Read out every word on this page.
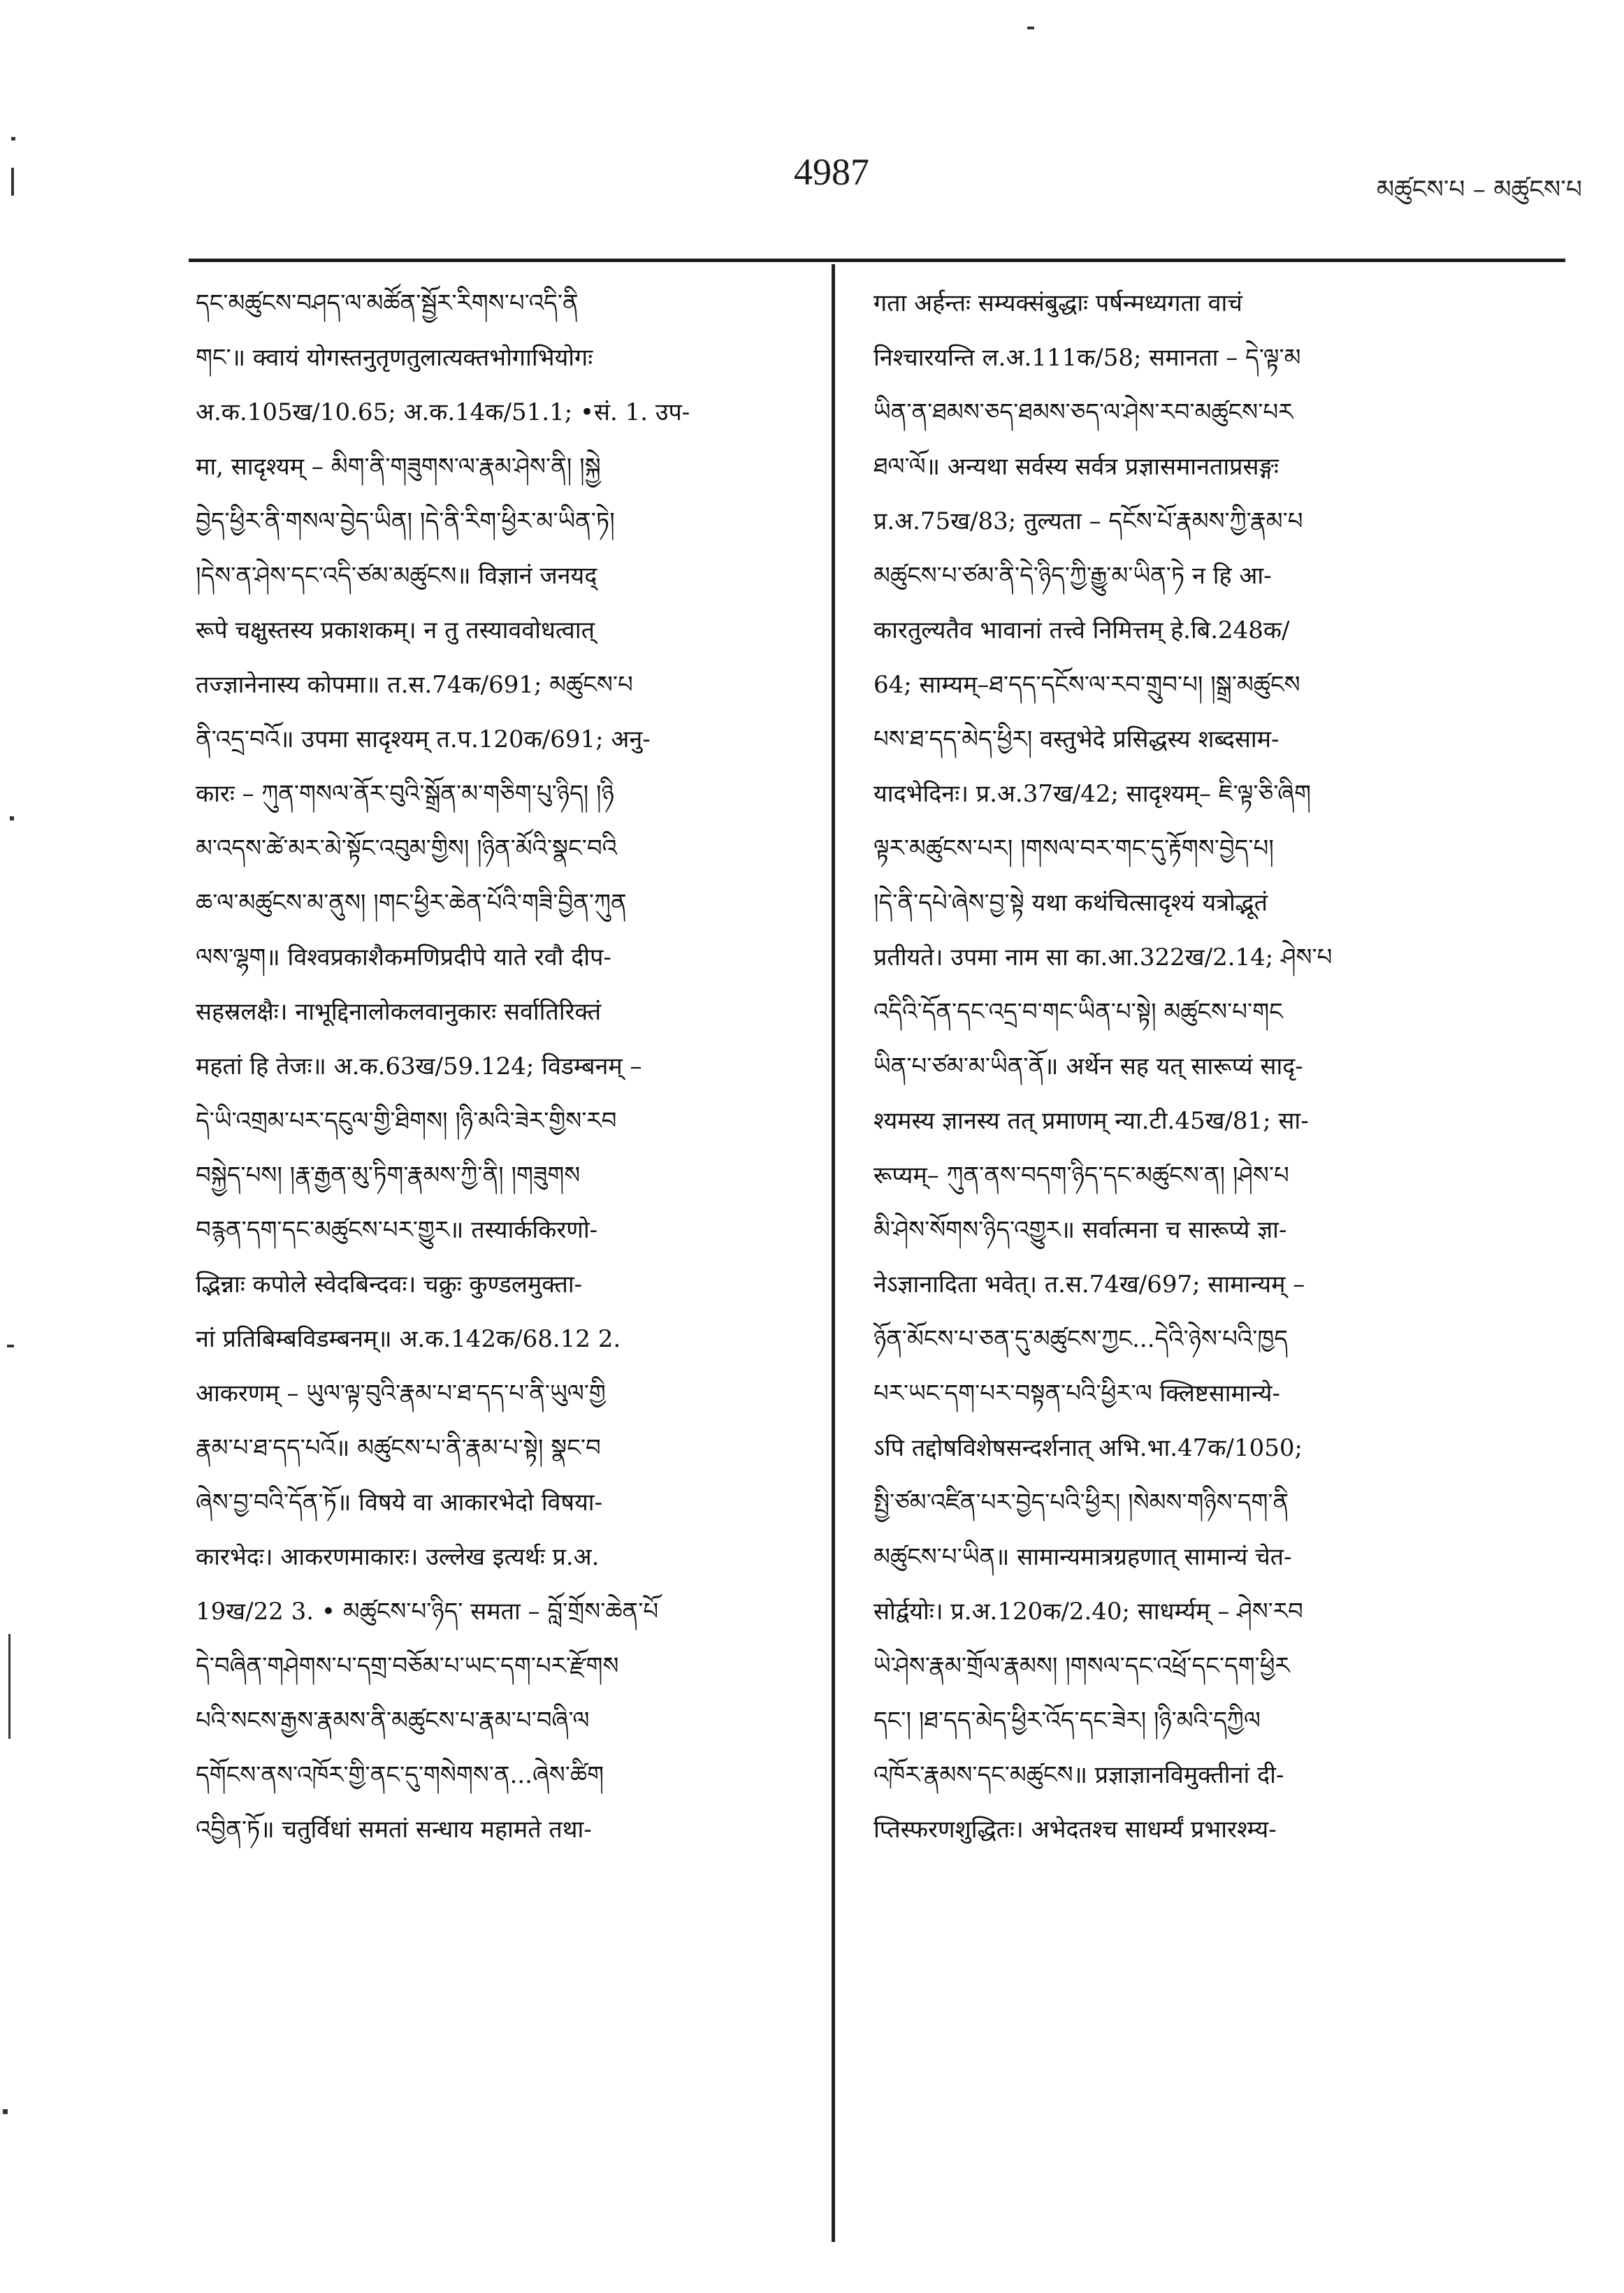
4987	མཚུངས་པ – མཚུངས་པ
དང་མཚུངས་བཤད་ལ་མཚོན་སྦྱོར་རིགས་པ་འདི་ནི
གང་॥ क्वायं योगस्तनुतृणतुलात्यक्तभोगाभियोगः
अ.क.105ख/10.65; अ.क.14क/51.1; •सं. 1. उप-
मा, सादृश्यम् – མིག་ནི་གཟུགས་ལ་རྣམ་ཤེས་ནི། །སྐྱེ
བྱེད་ཕྱིར་ནི་གསལ་བྱེད་ཡིན། །དེ་ནི་རིག་ཕྱིར་མ་ཡིན་ཏེ།
།དེས་ན་ཤེས་དང་འདི་ཙམ་མཚུངས॥ विज्ञानं जनयद्
रूपे चक्षुस्तस्य प्रकाशकम्। न तु तस्याववोधत्वात्
तज्ज्ञानेनास्य कोपमा॥ त.स.74क/691; མཚུངས་པ
ནི་འདྲ་བའོ॥ उपमा सादृश्यम् त.प.120क/691; अनु-
कारः – ཀུན་གསལ་ནོར་བུའི་སྒྲོན་མ་གཅིག་པུ་ཉིད། །ཉི
མ་འདས་ཚེ་མར་མེ་སྟོང་འབུམ་གྱིས། །ཉིན་མོའི་སྣང་བའི
ཆ་ལ་མཚུངས་མ་ནུས། །གང་ཕྱིར་ཆེན་པོའི་གཟི་བྱིན་ཀུན
ལས་ལྷག॥ विश्वप्रकाशैकमणिप्रदीपे याते रवौ दीप-
सहस्रलक्षैः। नाभूद्दिनालोकलवानुकारः सर्वातिरिक्तं
महतां हि तेजः॥ अ.क.63ख/59.124; विडम्बनम् –
དེ་ཡི་འགྲམ་པར་དངུལ་གྱི་ཐིགས། །ཉི་མའི་ཟེར་གྱིས་རབ
བསྐྱེད་པས། །རྣ་རྒྱན་མུ་ཏིག་རྣམས་ཀྱི་ནི། །གཟུགས
བརྙན་དག་དང་མཚུངས་པར་གྱུར॥ तस्यार्ककिरणो-
द्भिन्नाः कपोले स्वेदबिन्दवः। चक्रुः कुण्डलमुक्ता-
नां प्रतिबिम्बविडम्बनम्॥ अ.क.142क/68.12 2.
आकरणम् – ཡུལ་ལྟ་བུའི་རྣམ་པ་ཐ་དད་པ་ནི་ཡུལ་གྱི
རྣམ་པ་ཐ་དད་པའོ॥ མཚུངས་པ་ནི་རྣམ་པ་སྟེ། སྣང་བ
ཞེས་བྱ་བའི་དོན་ཏོ॥ विषये वा आकारभेदो विषया-
कारभेदः। आकरणमाकारः। उल्लेख इत्यर्थः प्र.अ.
19ख/22 3. • མཚུངས་པ་ཉིད་ समता – བློ་གྲོས་ཆེན་པོ
དེ་བཞིན་གཤེགས་པ་དགྲ་བཅོམ་པ་ཡང་དག་པར་རྫོགས
པའི་སངས་རྒྱས་རྣམས་ནི་མཚུངས་པ་རྣམ་པ་བཞི་ལ
དགོངས་ནས་འཁོར་གྱི་ནང་དུ་གསེགས་ན...ཞེས་ཚིག
འབྱིན་ཏོ॥ चतुर्विधां समतां सन्धाय महामते तथा-
गता अर्हन्तः सम्यक्संबुद्धाः पर्षन्मध्यगता वाचं
निश्चारयन्ति ल.अ.111क/58; समानता – དེ་ལྟ་མ
ཡིན་ན་ཐམས་ཅད་ཐམས་ཅད་ལ་ཤེས་རབ་མཚུངས་པར
ཐལ་ལོ॥ अन्यथा सर्वस्य सर्वत्र प्रज्ञासमानताप्रसङ्गः
प्र.अ.75ख/83; तुल्यता – དངོས་པོ་རྣམས་ཀྱི་རྣམ་པ
མཚུངས་པ་ཙམ་ནི་དེ་ཉིད་ཀྱི་རྒྱུ་མ་ཡིན་ཏེ न हि आ-
कारतुल्यतैव भावानां तत्त्वे निमित्तम् हे.बि.248क/
64; साम्यम्–ཐ་དད་དངོས་ལ་རབ་གྲུབ་པ། །སྒྲ་མཚུངས
པས་ཐ་དད་མེད་ཕྱིར། वस्तुभेदे प्रसिद्धस्य शब्दसाम-
यादभेदिनः। प्र.अ.37ख/42; सादृश्यम्– ཇི་ལྟ་ཅི་ཞིག
ལྟར་མཚུངས་པར། །གསལ་བར་གང་དུ་རྟོགས་བྱེད་པ།
།དེ་ནི་དཔེ་ཞེས་བྱ་སྟེ यथा कथंचित्सादृश्यं यत्रोद्भूतं
प्रतीयते। उपमा नाम सा का.आ.322ख/2.14; ཤེས་པ
འདིའི་དོན་དང་འདྲ་བ་གང་ཡིན་པ་སྟེ། མཚུངས་པ་གང
ཡིན་པ་ཙམ་མ་ཡིན་ནོ॥ अर्थेन सह यत् सारूप्यं सादृ-
श्यमस्य ज्ञानस्य तत् प्रमाणम् न्या.टी.45ख/81; सा-
रूप्यम्– ཀུན་ནས་བདག་ཉིད་དང་མཚུངས་ན། །ཤེས་པ
མི་ཤེས་སོགས་ཉིད་འགྱུར॥ सर्वात्मना च सारूप्ये ज्ञा-
नेऽज्ञानादिता भवेत्। त.स.74ख/697; सामान्यम् –
ཉོན་མོངས་པ་ཅན་དུ་མཚུངས་ཀྱང...དེའི་ཉེས་པའི་ཁྱད
པར་ཡང་དག་པར་བསྟན་པའི་ཕྱིར་ལ क्लिष्टसामान्ये-
ऽपि तद्दोषविशेषसन्दर्शनात् अभि.भा.47क/1050;
སྤྱི་ཙམ་འཛིན་པར་བྱེད་པའི་ཕྱིར། །སེམས་གཉིས་དག་ནི
མཚུངས་པ་ཡིན॥ सामान्यमात्रग्रहणात् सामान्यं चेत-
सोर्द्वयोः। प्र.अ.120क/2.40; साधर्म्यम् – ཤེས་རབ
ཡེ་ཤེས་རྣམ་གྲོལ་རྣམས། །གསལ་དང་འཕྲོ་དང་དག་ཕྱིར
དང་། །ཐ་དད་མེད་ཕྱིར་འོད་དང་ཟེར། །ཉི་མའི་དཀྱིལ
འཁོར་རྣམས་དང་མཚུངས॥ प्रज्ञाज्ञानविमुक्तीनां दी-
प्तिस्फरणशुद्धितः। अभेदतश्च साधर्म्यं प्रभारश्म्य-
